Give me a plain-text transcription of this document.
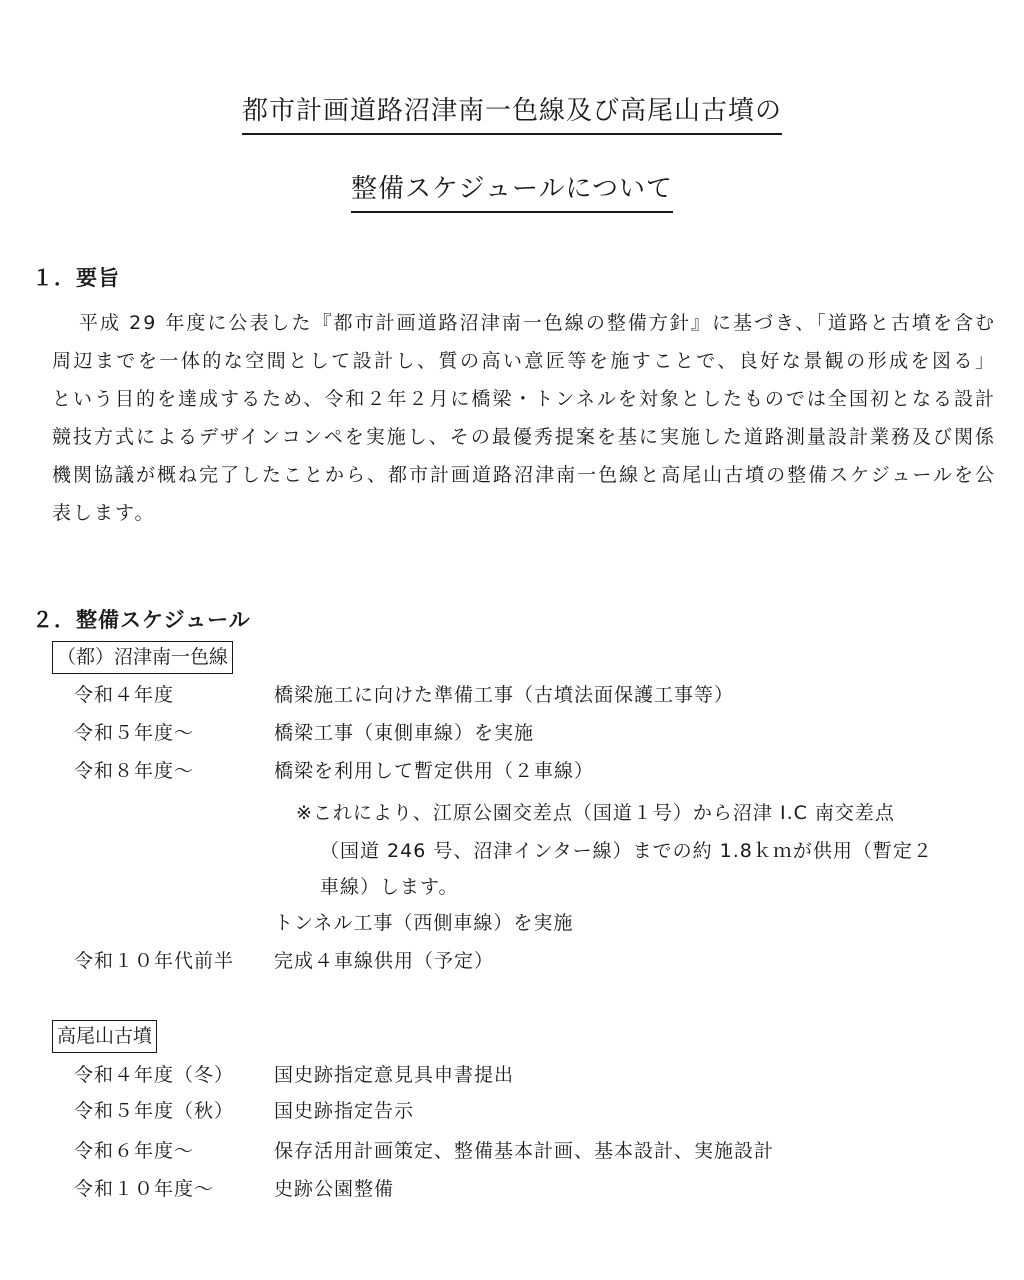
都市計画道路沼津南一色線及び高尾山古墳の
整備スケジュールについて
１．要旨

平成 29 年度に公表した『都市計画道路沼津南一色線の整備方針』に基づき、「道路と古墳を含む周辺までを一体的な空間として設計し、質の高い意匠等を施すことで、良好な景観の形成を図る」という目的を達成するため、令和２年２月に橋梁・トンネルを対象としたものでは全国初となる設計競技方式によるデザインコンペを実施し、その最優秀提案を基に実施した道路測量設計業務及び関係機関協議が概ね完了したことから、都市計画道路沼津南一色線と高尾山古墳の整備スケジュールを公表します。

２．整備スケジュール
（都）沼津南一色線
令和４年度	橋梁施工に向けた準備工事（古墳法面保護工事等）
令和５年度～	橋梁工事（東側車線）を実施
令和８年度～	橋梁を利用して暫定供用（２車線）
※これにより、江原公園交差点（国道１号）から沼津 I.C 南交差点
（国道 246 号、沼津インター線）までの約 1.8ｋｍが供用（暫定２
車線）します。
トンネル工事（西側車線）を実施
令和１０年代前半 完成４車線供用（予定）
高尾山古墳
令和４年度（冬） 国史跡指定意見具申書提出
令和５年度（秋） 国史跡指定告示
令和６年度～	保存活用計画策定、整備基本計画、基本設計、実施設計
令和１０年度～	史跡公園整備
